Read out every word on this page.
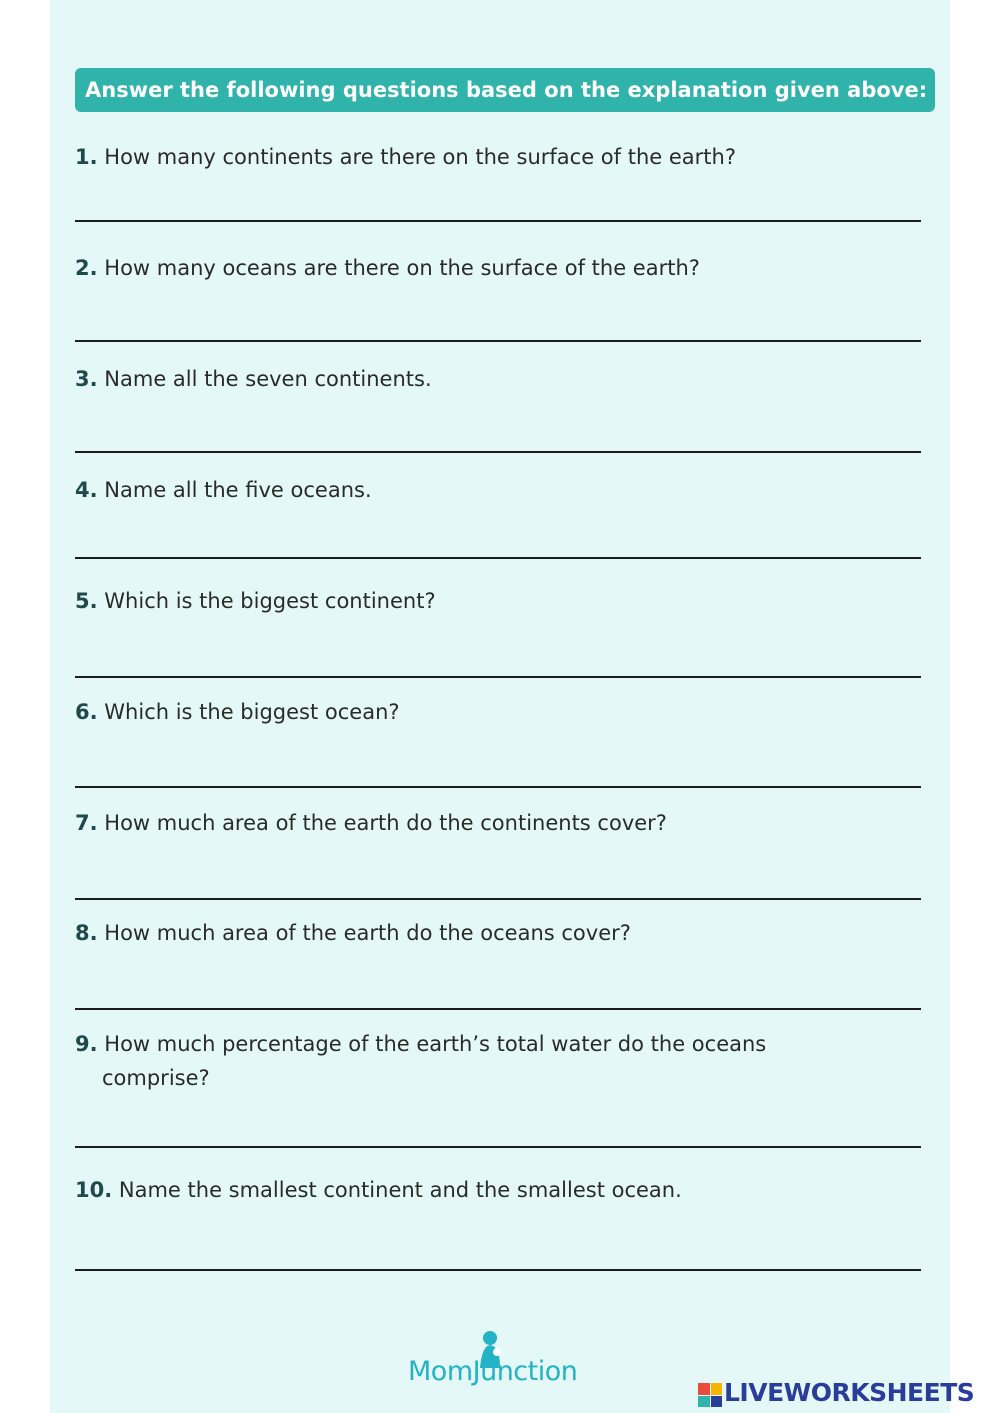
Answer the following questions based on the explanation given above:
1. How many continents are there on the surface of the earth?
2. How many oceans are there on the surface of the earth?
3. Name all the seven continents.
4. Name all the five oceans.
5. Which is the biggest continent?
6. Which is the biggest ocean?
7. How much area of the earth do the continents cover?
8. How much area of the earth do the oceans cover?
9. How much percentage of the earth’s total water do the oceans
comprise?
10. Name the smallest continent and the smallest ocean.
MomJunction
LIVEWORKSHEETS
